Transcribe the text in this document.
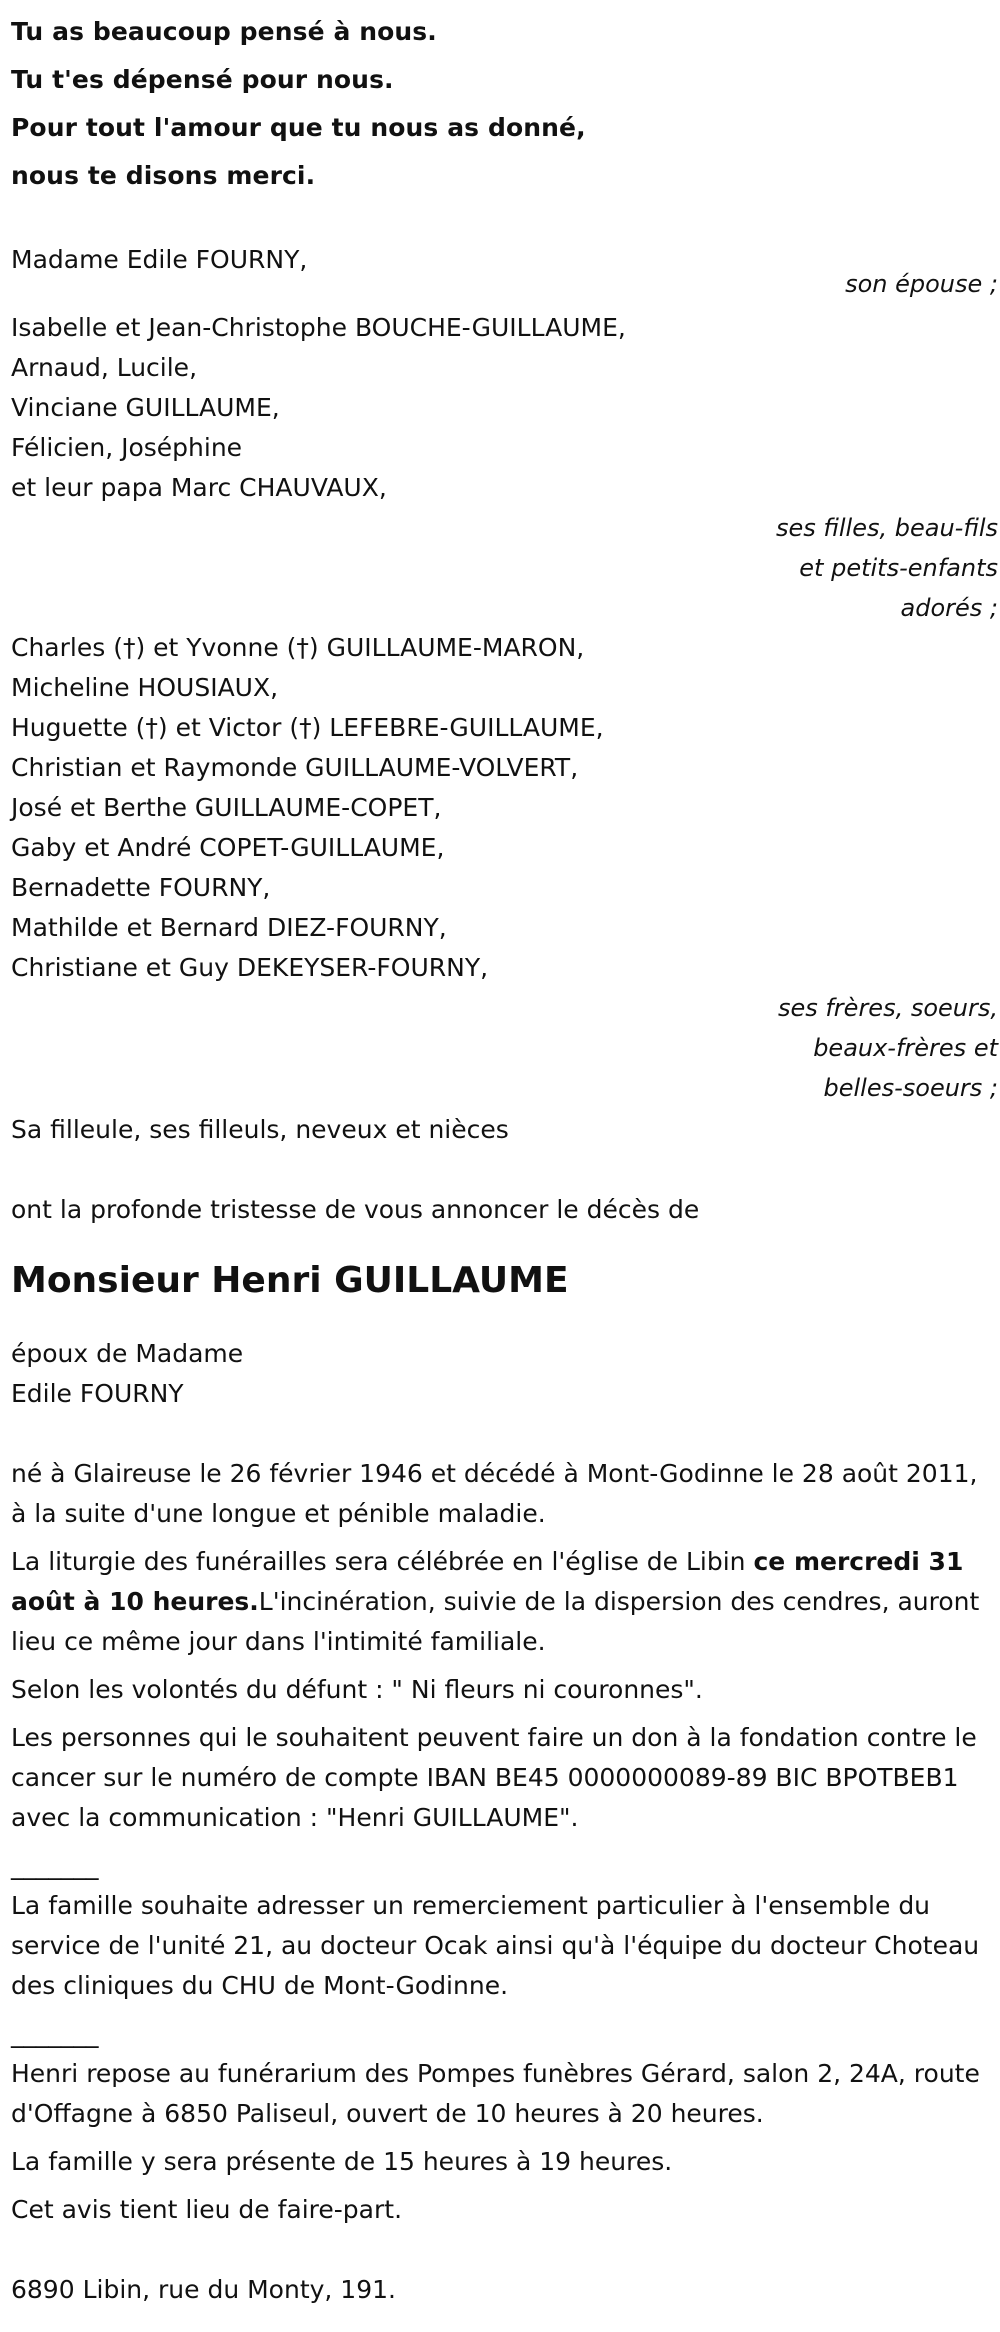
Tu as beaucoup pensé à nous.
Tu t'es dépensé pour nous.
Pour tout l'amour que tu nous as donné,
nous te disons merci.
Madame Edile FOURNY,
son épouse ;
Isabelle et Jean-Christophe BOUCHE-GUILLAUME,
Arnaud, Lucile,
Vinciane GUILLAUME,
Félicien, Joséphine
et leur papa Marc CHAUVAUX,
ses filles, beau-fils
et petits-enfants
adorés ;
Charles (†) et Yvonne (†) GUILLAUME-MARON,
Micheline HOUSIAUX,
Huguette (†) et Victor (†) LEFEBRE-GUILLAUME,
Christian et Raymonde GUILLAUME-VOLVERT,
José et Berthe GUILLAUME-COPET,
Gaby et André COPET-GUILLAUME,
Bernadette FOURNY,
Mathilde et Bernard DIEZ-FOURNY,
Christiane et Guy DEKEYSER-FOURNY,
ses frères, soeurs,
beaux-frères et
belles-soeurs ;
Sa filleule, ses filleuls, neveux et nièces
ont la profonde tristesse de vous annoncer le décès de
Monsieur Henri GUILLAUME
époux de Madame
Edile FOURNY
né à Glaireuse le 26 février 1946 et décédé à Mont-Godinne le 28 août 2011, à la suite d'une longue et pénible maladie.
La liturgie des funérailles sera célébrée en l'église de Libin ce mercredi 31 août à 10 heures.L'incinération, suivie de la dispersion des cendres, auront lieu ce même jour dans l'intimité familiale.
Selon les volontés du défunt : " Ni fleurs ni couronnes".
Les personnes qui le souhaitent peuvent faire un don à la fondation contre le cancer sur le numéro de compte IBAN BE45 0000000089-89 BIC BPOTBEB1 avec la communication : "Henri GUILLAUME".
_______
La famille souhaite adresser un remerciement particulier à l'ensemble du service de l'unité 21, au docteur Ocak ainsi qu'à l'équipe du docteur Choteau des cliniques du CHU de Mont-Godinne.
_______
Henri repose au funérarium des Pompes funèbres Gérard, salon 2, 24A, route d'Offagne à 6850 Paliseul, ouvert de 10 heures à 20 heures.
La famille y sera présente de 15 heures à 19 heures.
Cet avis tient lieu de faire-part.
6890 Libin, rue du Monty, 191.
